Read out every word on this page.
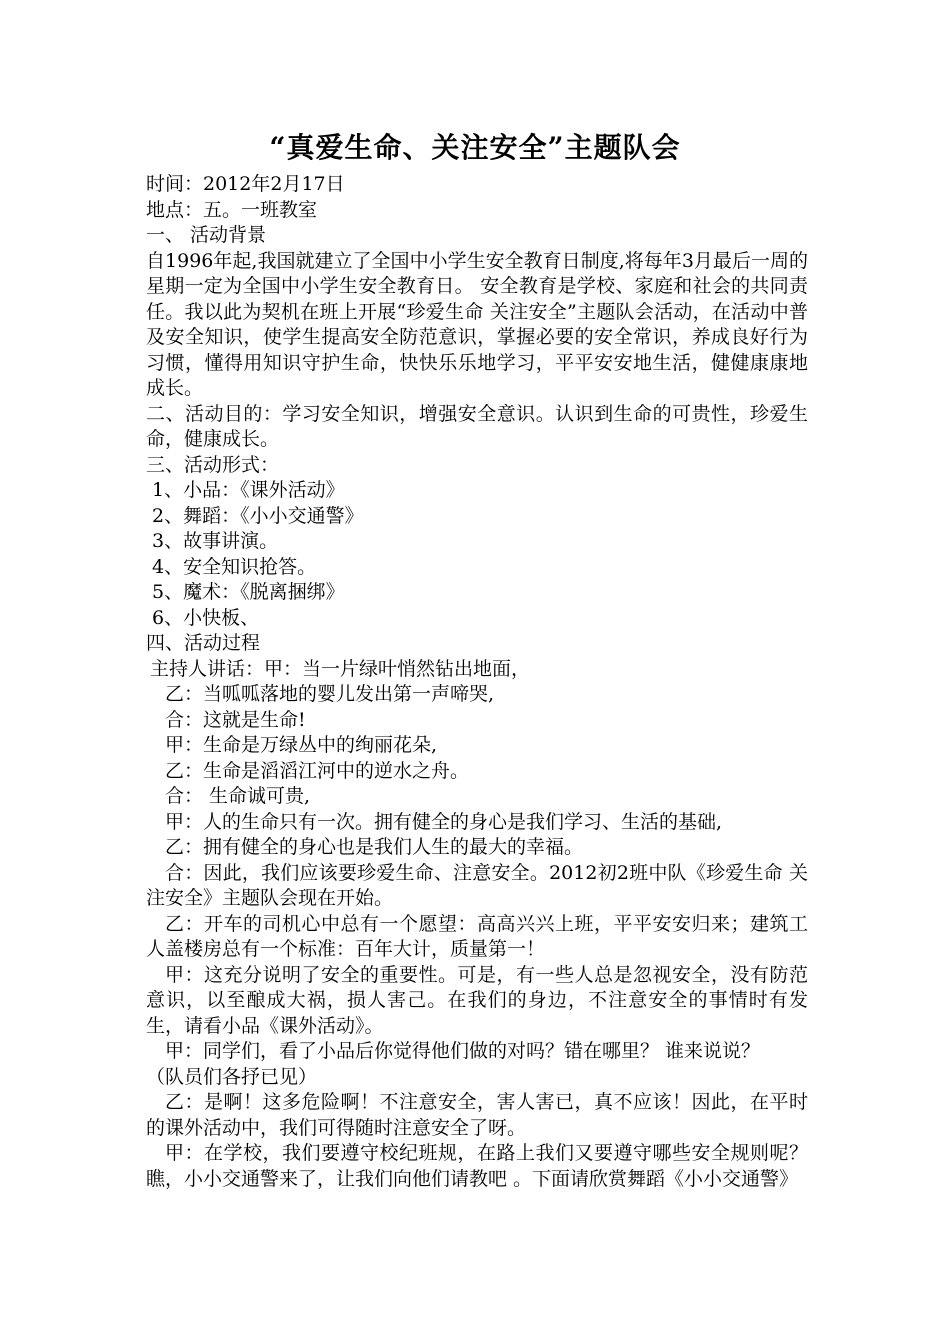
“真爱生命、关注安全”主题队会

时间：2012年2月17日

地点：五。一班教室

一、 活动背景

自1996年起,我国就建立了全国中小学生安全教育日制度,将每年3月最后一周的星期一定为全国中小学生安全教育日。 安全教育是学校、家庭和社会的共同责任。我以此为契机在班上开展“珍爱生命 关注安全”主题队会活动，在活动中普及安全知识，使学生提高安全防范意识，掌握必要的安全常识，养成良好行为习惯，懂得用知识守护生命，快快乐乐地学习，平平安安地生活，健健康康地成长。

二、活动目的：学习安全知识，增强安全意识。认识到生命的可贵性，珍爱生命，健康成长。

三、活动形式：

1、小品：《课外活动》

2、舞蹈：《小小交通警》

3、故事讲演。

4、安全知识抢答。

5、魔术：《脱离捆绑》

6、小快板、

四、活动过程

主持人讲话：甲：当一片绿叶悄然钻出地面，

乙：当呱呱落地的婴儿发出第一声啼哭,

合：这就是生命!

甲：生命是万绿丛中的绚丽花朵,

乙：生命是滔滔江河中的逆水之舟。

合： 生命诚可贵,

甲：人的生命只有一次。拥有健全的身心是我们学习、生活的基础,

乙：拥有健全的身心也是我们人生的最大的幸福。

合：因此，我们应该要珍爱生命、注意安全。2012初2班中队《珍爱生命 关注安全》主题队会现在开始。

乙：开车的司机心中总有一个愿望：高高兴兴上班，平平安安归来；建筑工人盖楼房总有一个标准：百年大计，质量第一！

甲：这充分说明了安全的重要性。可是，有一些人总是忽视安全，没有防范意识，以至酿成大祸，损人害己。在我们的身边，不注意安全的事情时有发生，请看小品《课外活动》。

甲：同学们，看了小品后你觉得他们做的对吗？错在哪里？ 谁来说说？

（队员们各抒已见）

乙：是啊！这多危险啊！不注意安全，害人害已，真不应该！因此，在平时的课外活动中，我们可得随时注意安全了呀。

甲：在学校，我们要遵守校纪班规，在路上我们又要遵守哪些安全规则呢？瞧，小小交通警来了，让我们向他们请教吧 。下面请欣赏舞蹈《小小交通警》
